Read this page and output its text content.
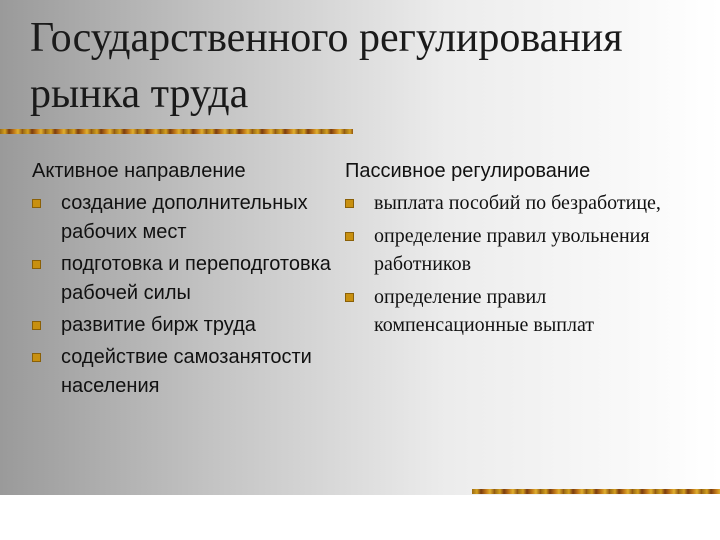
Государственного регулирования
рынка труда
Активное направление
создание дополнительных рабочих мест
подготовка и переподготовка рабочей силы
развитие бирж труда
содействие самозанятости населения
Пассивное регулирование
выплата пособий по безработице,
определение правил увольнения работников
определение правил компенсационные выплат
